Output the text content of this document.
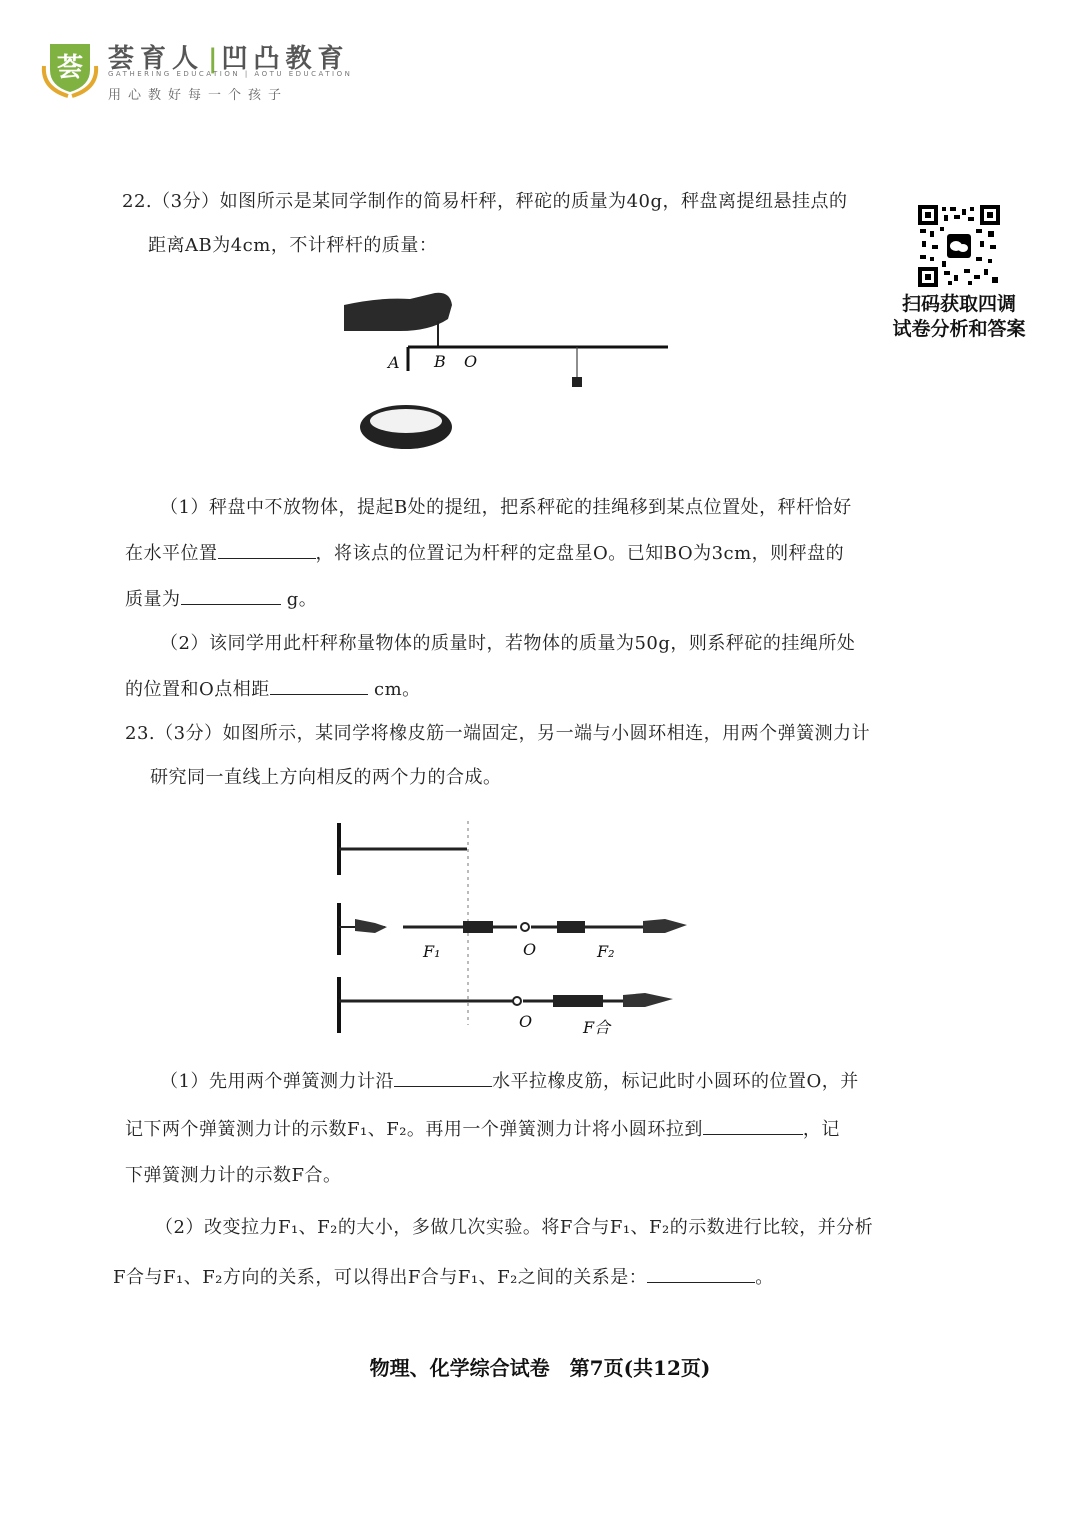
荟 荟育人 | 凹凸教育
GATHERING EDUCATION | AOTU EDUCATION
用心教好每一个孩子
扫码获取四调
试卷分析和答案
22.（3分）如图所示是某同学制作的简易杆秤，秤砣的质量为40g，秤盘离提纽悬挂点的
距离AB为4cm，不计秤杆的质量：
A B O
（1）秤盘中不放物体，提起B处的提纽，把系秤砣的挂绳移到某点位置处，秤杆恰好
在水平位置	，将该点的位置记为杆秤的定盘星O。已知BO为3cm，则秤盘的
质量为	g。
（2）该同学用此杆秤称量物体的质量时，若物体的质量为50g，则系秤砣的挂绳所处
的位置和O点相距	cm。
23.（3分）如图所示，某同学将橡皮筋一端固定，另一端与小圆环相连，用两个弹簧测力计
研究同一直线上方向相反的两个力的合成。
F₁	O	F₂
O	F合
（1）先用两个弹簧测力计沿	水平拉橡皮筋，标记此时小圆环的位置O，并
记下两个弹簧测力计的示数F₁、F₂。再用一个弹簧测力计将小圆环拉到	，记
下弹簧测力计的示数F合。
（2）改变拉力F₁、F₂的大小，多做几次实验。将F合与F₁、F₂的示数进行比较，并分析
F合与F₁、F₂方向的关系，可以得出F合与F₁、F₂之间的关系是：	。
物理、化学综合试卷　第7页(共12页)
